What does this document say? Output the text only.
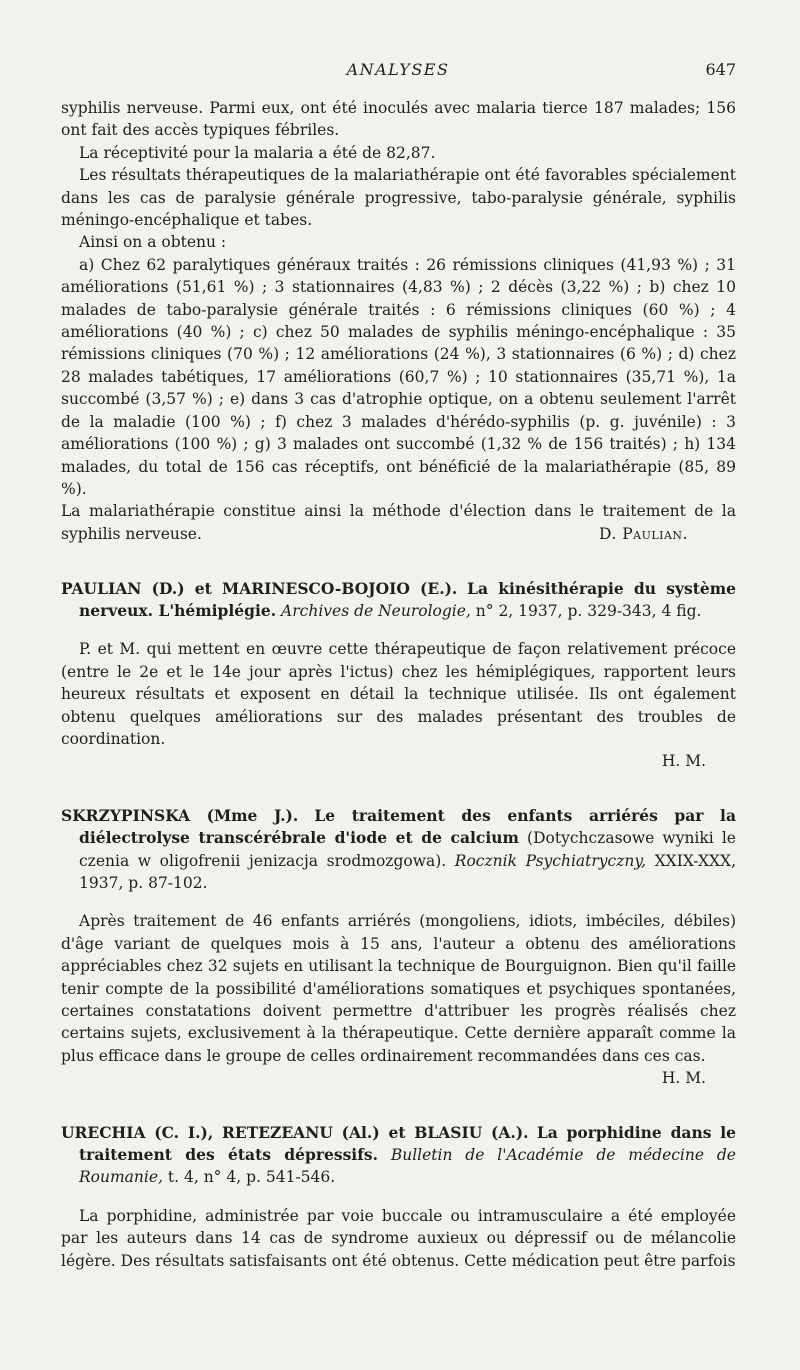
ANALYSES	647

syphilis nerveuse. Parmi eux, ont été inoculés avec malaria tierce 187 malades; 156 ont fait des accès typiques fébriles.

La réceptivité pour la malaria a été de 82,87.

Les résultats thérapeutiques de la malariathérapie ont été favorables spécialement dans les cas de paralysie générale progressive, tabo-paralysie générale, syphilis méningo-encéphalique et tabes.

Ainsi on a obtenu :

a) Chez 62 paralytiques généraux traités : 26 rémissions cliniques (41,93 %) ; 31 améliorations (51,61 %) ; 3 stationnaires (4,83 %) ; 2 décès (3,22 %) ; b) chez 10 malades de tabo-paralysie générale traités : 6 rémissions cliniques (60 %) ; 4 améliorations (40 %) ; c) chez 50 malades de syphilis méningo-encéphalique : 35 rémissions cliniques (70 %) ; 12 améliorations (24 %), 3 stationnaires (6 %) ; d) chez 28 malades tabétiques, 17 améliorations (60,7 %) ; 10 stationnaires (35,71 %), 1a succombé (3,57 %) ; e) dans 3 cas d'atrophie optique, on a obtenu seulement l'arrêt de la maladie (100 %) ; f) chez 3 malades d'hérédo-syphilis (p. g. juvénile) : 3 améliorations (100 %) ; g) 3 malades ont succombé (1,32 % de 156 traités) ; h) 134 malades, du total de 156 cas réceptifs, ont bénéficié de la malariathérapie (85, 89 %).

La malariathérapie constitue ainsi la méthode d'élection dans le traitement de la syphilis nerveuse.	D. Paulian.

PAULIAN (D.) et MARINESCO-BOJOIO (E.). La kinésithérapie du système nerveux. L'hémiplégie. Archives de Neurologie, n° 2, 1937, p. 329-343, 4 fig.

P. et M. qui mettent en œuvre cette thérapeutique de façon relativement précoce (entre le 2e et le 14e jour après l'ictus) chez les hémiplégiques, rapportent leurs heureux résultats et exposent en détail la technique utilisée. Ils ont également obtenu quelques améliorations sur des malades présentant des troubles de coordination.

H. M.

SKRZYPINSKA (Mme J.). Le traitement des enfants arriérés par la diélectrolyse transcérébrale d'iode et de calcium (Dotychczasowe wyniki le czenia w oligofrenii jenizacja srodmozgowa). Rocznik Psychiatryczny, XXIX-XXX, 1937, p. 87-102.

Après traitement de 46 enfants arriérés (mongoliens, idiots, imbéciles, débiles) d'âge variant de quelques mois à 15 ans, l'auteur a obtenu des améliorations appréciables chez 32 sujets en utilisant la technique de Bourguignon. Bien qu'il faille tenir compte de la possibilité d'améliorations somatiques et psychiques spontanées, certaines constatations doivent permettre d'attribuer les progrès réalisés chez certains sujets, exclusivement à la thérapeutique. Cette dernière apparaît comme la plus efficace dans le groupe de celles ordinairement recommandées dans ces cas.

H. M.

URECHIA (C. I.), RETEZEANU (Al.) et BLASIU (A.). La porphidine dans le traitement des états dépressifs. Bulletin de l'Académie de médecine de Roumanie, t. 4, n° 4, p. 541-546.

La porphidine, administrée par voie buccale ou intramusculaire a été employée par les auteurs dans 14 cas de syndrome auxieux ou dépressif ou de mélancolie légère. Des résultats satisfaisants ont été obtenus. Cette médication peut être parfois
